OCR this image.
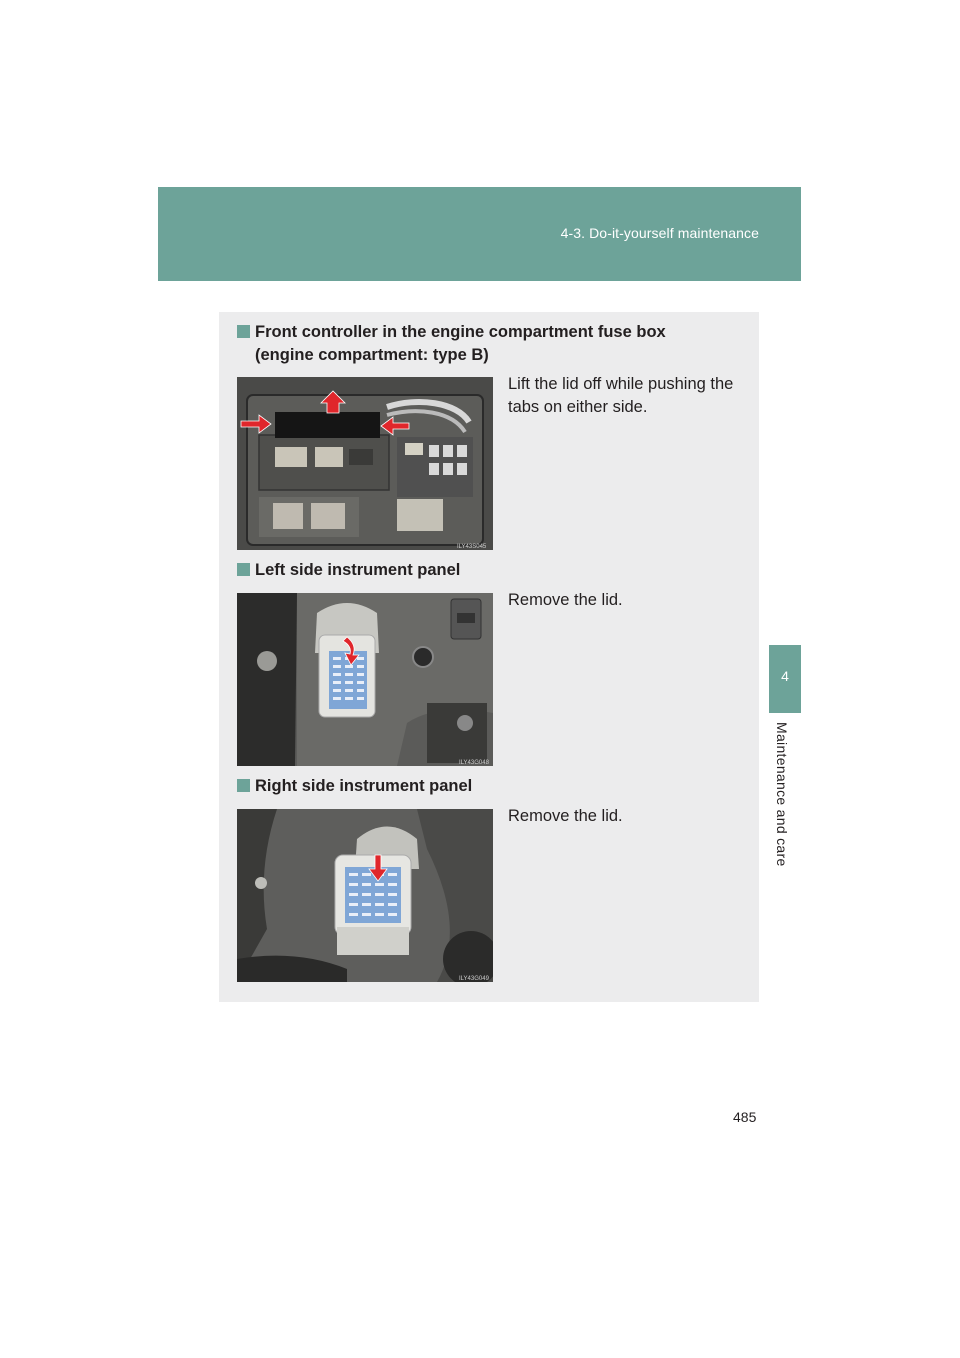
4-3. Do-it-yourself maintenance
4
Maintenance and care
Front controller in the engine compartment fuse box
(engine compartment: type B)
ILY43S045
Lift the lid off while pushing the tabs on either side.
Left side instrument panel
ILY43G048
Remove the lid.
Right side instrument panel
ILY43G049
Remove the lid.
485
